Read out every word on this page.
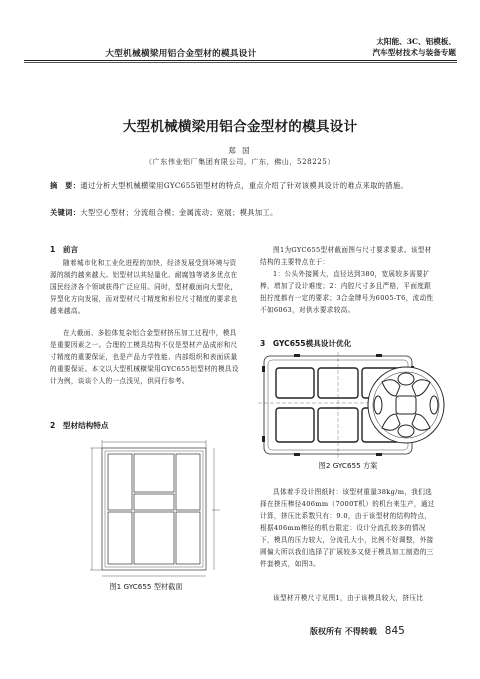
大型机械横梁用铝合金型材的模具设计
太阳能、3C、铝模板、
汽车型材技术与装备专题
大型机械横梁用铝合金型材的模具设计
郑 国
（广东伟业铝厂集团有限公司，广东，佛山，528225）
摘　要：通过分析大型机械横梁用GYC655铝型材的特点，重点介绍了针对该模具设计的难点来取的措施。
关键词：大型空心型材；分流组合模；金属流动；宽展；模具加工。
1　前言
随着城市化和工业化进程的加快，经济发展受到环境与资源的制约越来越大。铝型材以其轻量化、耐腐蚀等诸多优点在国民经济各个领域获得广泛应用。同时，型材截面向大型化，异型化方向发展，而对型材尺寸精度和形位尺寸精度的要求也越来越高。
在大截面、多腔体复杂铝合金型材挤压加工过程中，模具是重要因素之一。合理的工模具结构不仅是型材产品成形和尺寸精度的重要保证，也是产品力学性能、内部组织和表面质量的重要保证。本文以大型机械横梁用GYC655铝型材的模具设计为例，谈谈个人的一点浅见，供同行参考。
2　型材结构特点
图1 GYC655 型材截面
图1为GYC655型材截面图与尺寸要求要求。该型材结构的主要特点在于：
1：公头外接圆大，直径达到380，宽展较多需要扩棒，增加了设计难度；2：内腔尺寸多且严格，平面度跟扭拧度都有一定的要求；3合金牌号为6005-T6，流动性不如6063，对供水要求较高。
3　GYC655模具设计优化
图2 GYC655 方案
具体着手设计图纸时：该型材重量38kg/m，我们选择在挤压棒径406mm（7000T机）的机台来生产，通过计算，挤压比系数只有：9.0，由于该型材的结构特点，根据406mm棒径的机台限定：设计分流孔较多的情况下，模具的压力较大，分流孔大小，比例不好调整，外接圆偏大所以我们选择了扩展较多又便于模具加工制造的三件套模式，如图3。
该型材开模尺寸见图1，由于该模具较大，挤压比
版权所有 不得转载 845
